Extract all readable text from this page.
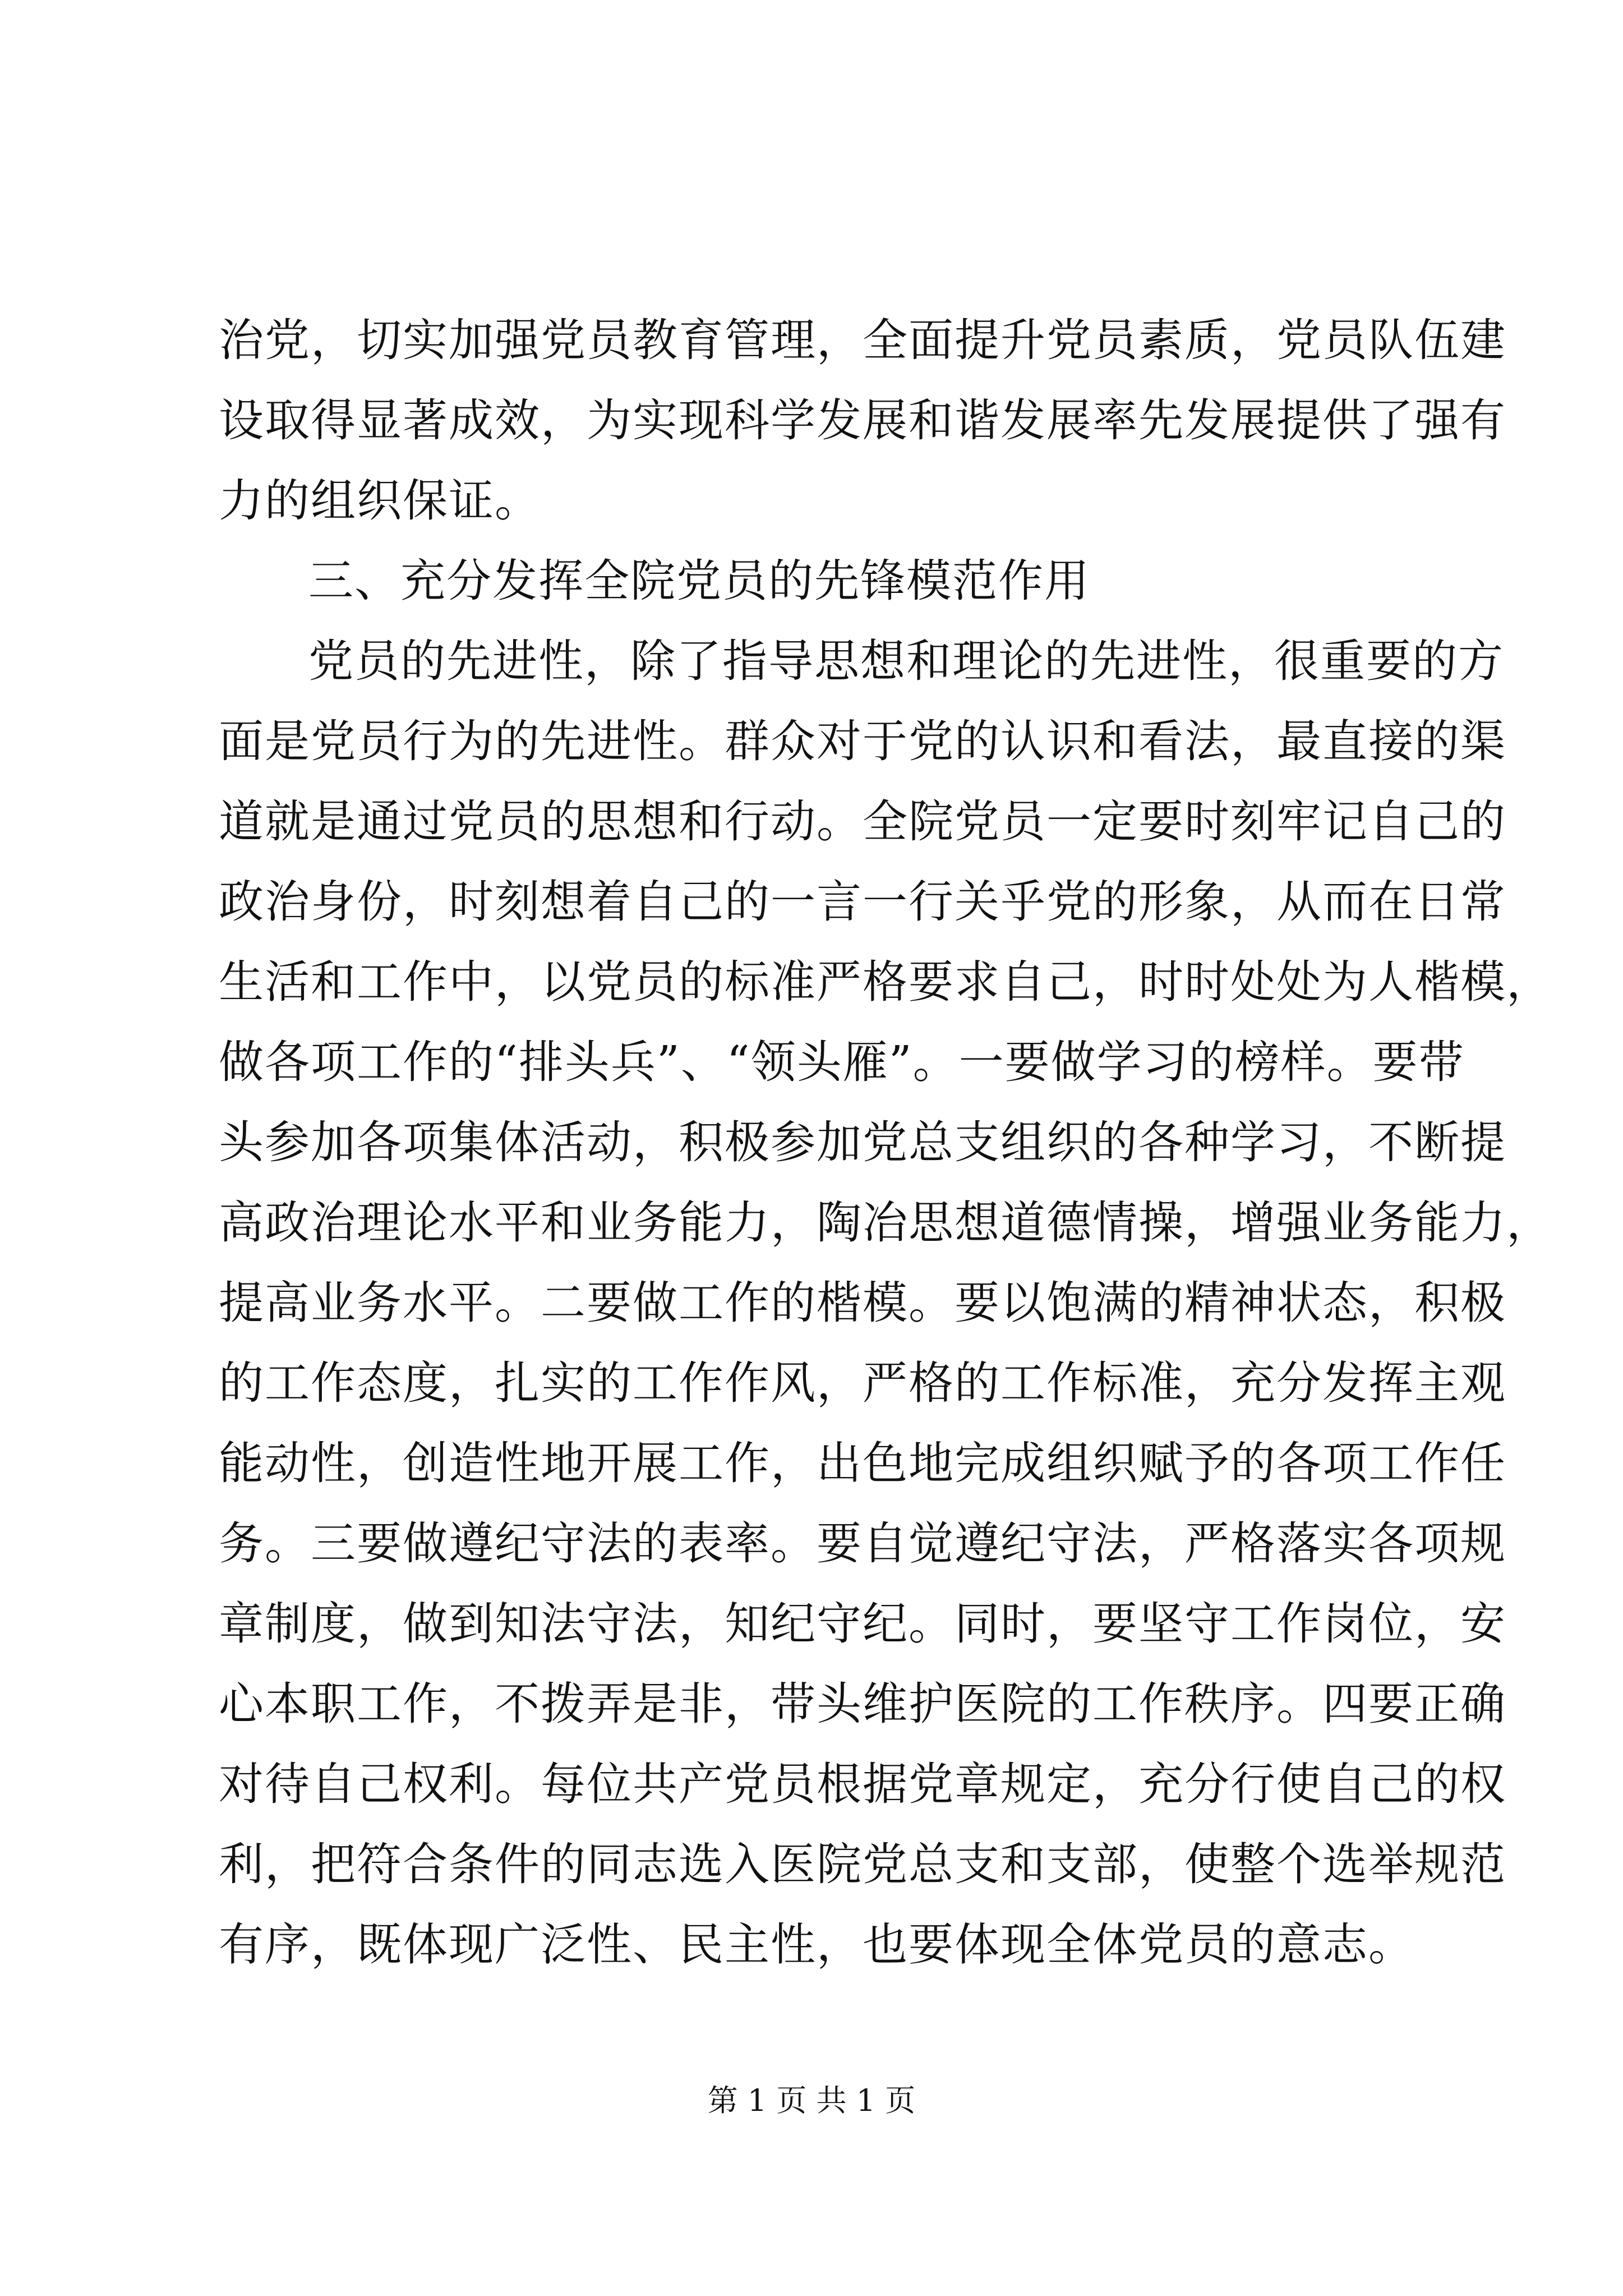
治党，切实加强党员教育管理，全面提升党员素质，党员队伍建
设取得显著成效，为实现科学发展和谐发展率先发展提供了强有
力的组织保证。
三、充分发挥全院党员的先锋模范作用
党员的先进性，除了指导思想和理论的先进性，很重要的方
面是党员行为的先进性。群众对于党的认识和看法，最直接的渠
道就是通过党员的思想和行动。全院党员一定要时刻牢记自己的
政治身份，时刻想着自己的一言一行关乎党的形象，从而在日常
生活和工作中，以党员的标准严格要求自己，时时处处为人楷模，
做各项工作的“排头兵”、“领头雁”。一要做学习的榜样。要带
头参加各项集体活动，积极参加党总支组织的各种学习，不断提
高政治理论水平和业务能力，陶冶思想道德情操，增强业务能力，
提高业务水平。二要做工作的楷模。要以饱满的精神状态，积极
的工作态度，扎实的工作作风，严格的工作标准，充分发挥主观
能动性，创造性地开展工作，出色地完成组织赋予的各项工作任
务。三要做遵纪守法的表率。要自觉遵纪守法，严格落实各项规
章制度，做到知法守法，知纪守纪。同时，要坚守工作岗位，安
心本职工作，不拨弄是非，带头维护医院的工作秩序。四要正确
对待自己权利。每位共产党员根据党章规定，充分行使自己的权
利，把符合条件的同志选入医院党总支和支部，使整个选举规范
有序，既体现广泛性、民主性，也要体现全体党员的意志。
第 1 页 共 1 页
